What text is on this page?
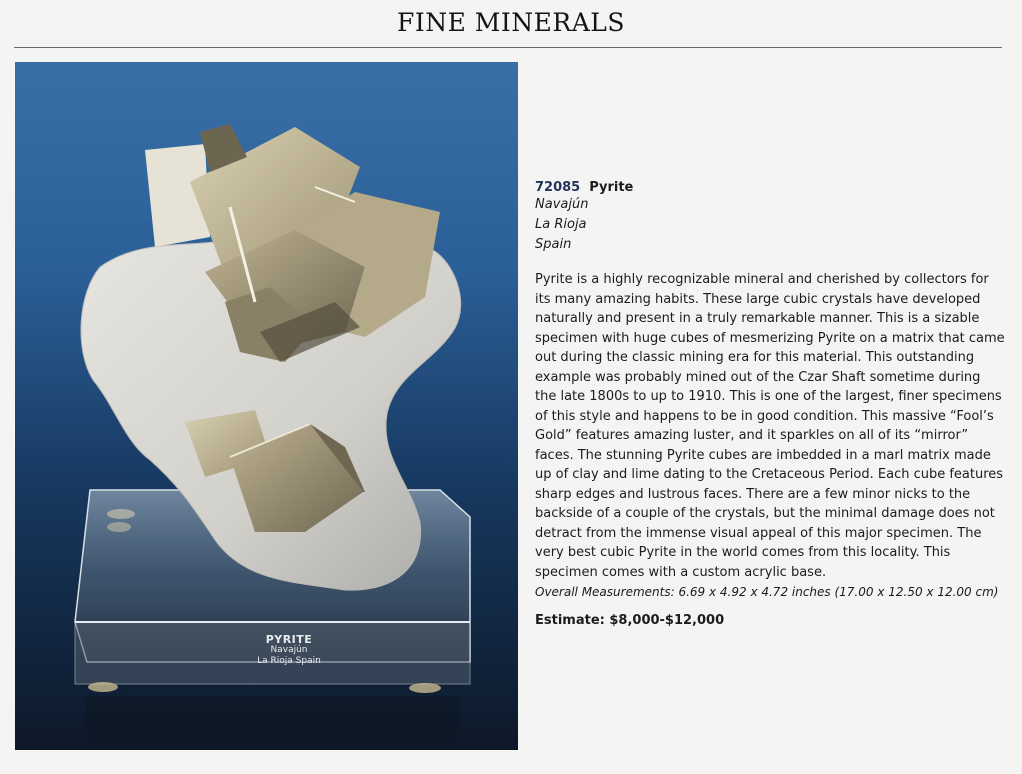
FINE MINERALS
PYRITE
Navajún
La Rioja Spain
72085 Pyrite
Navajún
La Rioja
Spain
Pyrite is a highly recognizable mineral and cherished by collectors for its many amazing habits. These large cubic crystals have developed naturally and present in a truly remarkable manner. This is a sizable specimen with huge cubes of mesmerizing Pyrite on a matrix that came out during the classic mining era for this material. This outstanding example was probably mined out of the Czar Shaft sometime during the late 1800s to up to 1910. This is one of the largest, finer specimens of this style and happens to be in good condition. This massive “Fool’s Gold” features amazing luster, and it sparkles on all of its “mirror” faces. The stunning Pyrite cubes are imbedded in a marl matrix made up of clay and lime dating to the Cretaceous Period. Each cube features sharp edges and lustrous faces. There are a few minor nicks to the backside of a couple of the crystals, but the minimal damage does not detract from the immense visual appeal of this major specimen. The very best cubic Pyrite in the world comes from this locality. This specimen comes with a custom acrylic base.
Overall Measurements: 6.69 x 4.92 x 4.72 inches (17.00 x 12.50 x 12.00 cm)
Estimate: $8,000-$12,000
